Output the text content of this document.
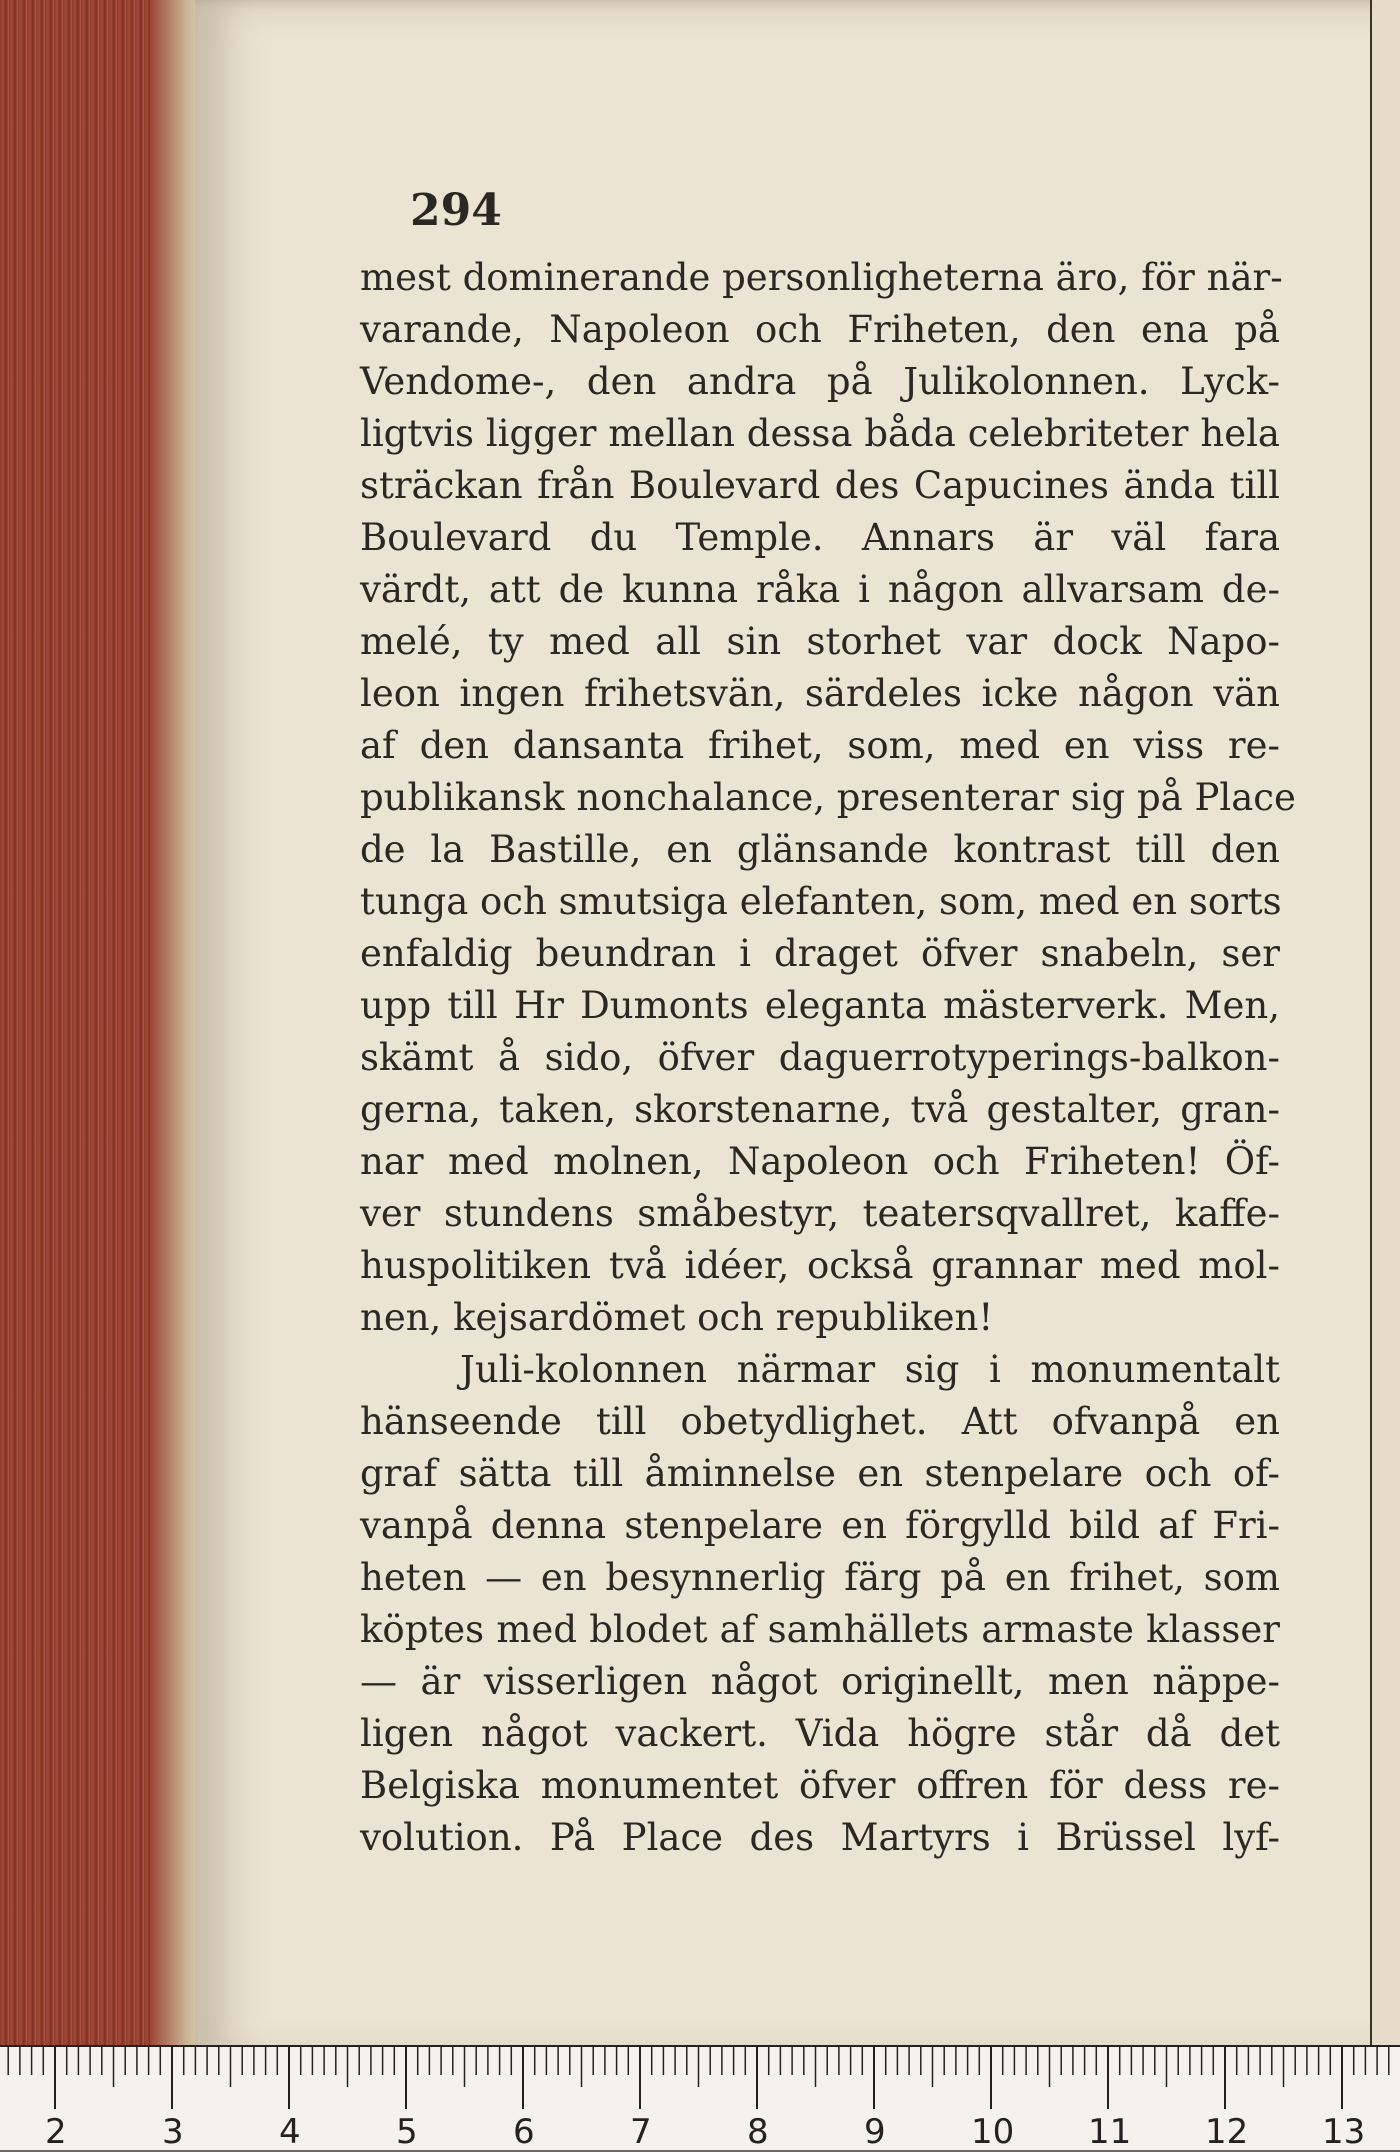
294
mest dominerande personligheterna äro, för när-
varande, Napoleon och Friheten, den ena på
Vendome-, den andra på Julikolonnen. Lyck-
ligtvis ligger mellan dessa båda celebriteter hela
sträckan från Boulevard des Capucines ända till
Boulevard du Temple. Annars är väl fara
värdt, att de kunna råka i någon allvarsam de-
melé, ty med all sin storhet var dock Napo-
leon ingen frihetsvän, särdeles icke någon vän
af den dansanta frihet, som, med en viss re-
publikansk nonchalance, presenterar sig på Place
de la Bastille, en glänsande kontrast till den
tunga och smutsiga elefanten, som, med en sorts
enfaldig beundran i draget öfver snabeln, ser
upp till Hr Dumonts eleganta mästerverk. Men,
skämt å sido, öfver daguerrotyperings-balkon-
gerna, taken, skorstenarne, två gestalter, gran-
nar med molnen, Napoleon och Friheten! Öf-
ver stundens småbestyr, teatersqvallret, kaffe-
huspolitiken två idéer, också grannar med mol-
nen, kejsardömet och republiken!
Juli-kolonnen närmar sig i monumentalt
hänseende till obetydlighet. Att ofvanpå en
graf sätta till åminnelse en stenpelare och of-
vanpå denna stenpelare en förgylld bild af Fri-
heten — en besynnerlig färg på en frihet, som
köptes med blodet af samhällets armaste klasser
— är visserligen något originellt, men näppe-
ligen något vackert. Vida högre står då det
Belgiska monumentet öfver offren för dess re-
volution. På Place des Martyrs i Brüssel lyf-
2	3	4	5	6	7	8	9	10 11 12 13
